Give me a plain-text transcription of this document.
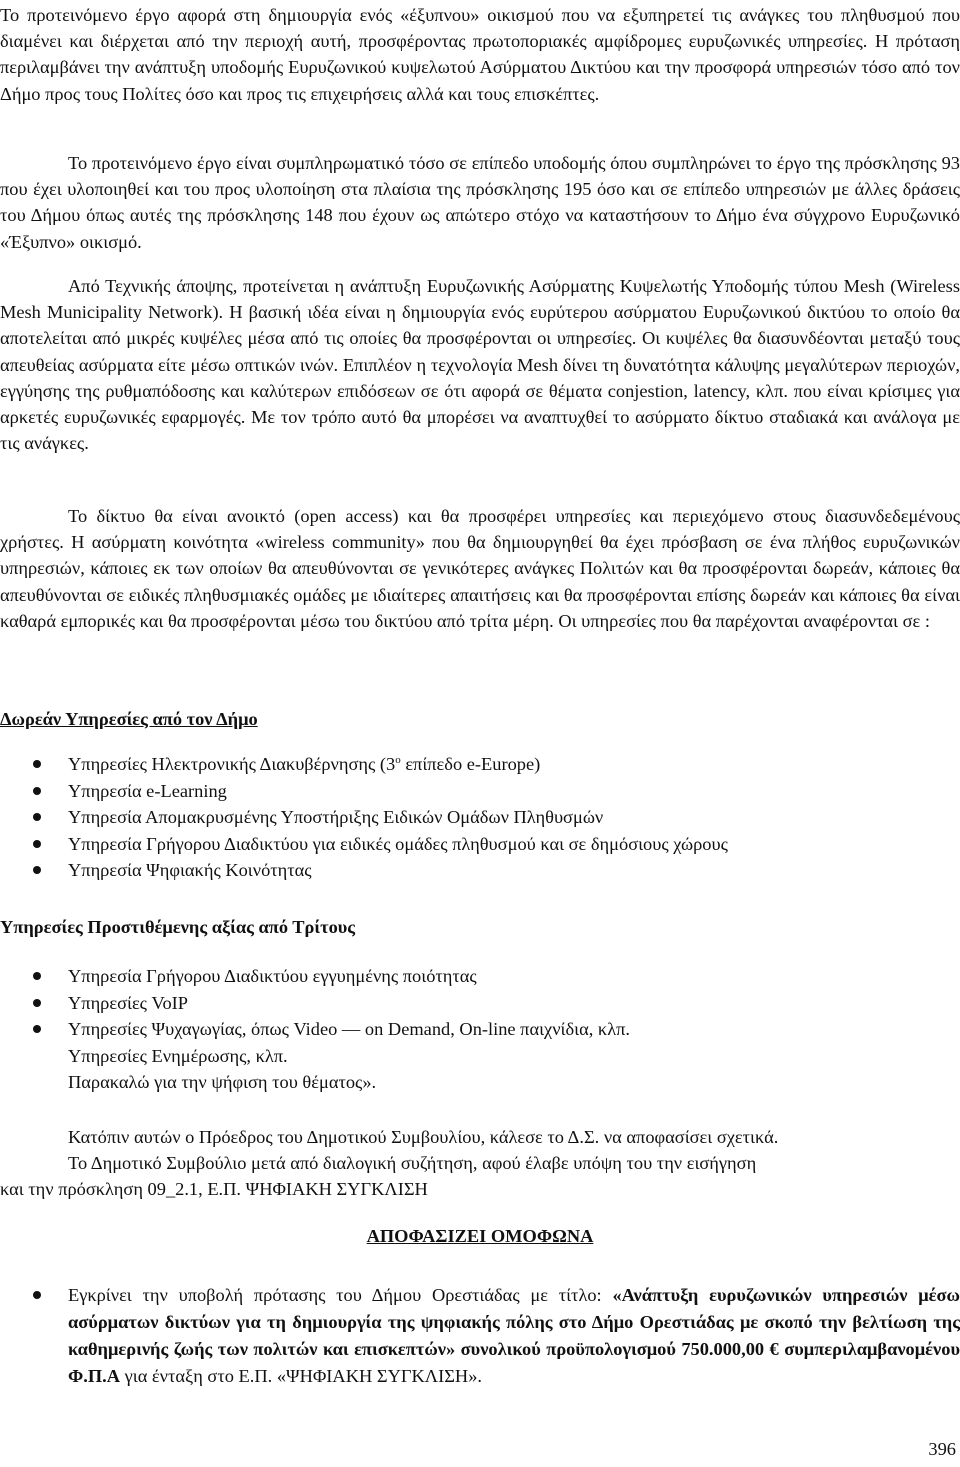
Το προτεινόμενο έργο αφορά στη δημιουργία ενός «έξυπνου» οικισμού που να εξυπηρετεί τις ανάγκες του πληθυσμού που διαμένει και διέρχεται από την περιοχή αυτή, προσφέροντας πρωτοποριακές αμφίδρομες ευρυζωνικές υπηρεσίες. Η πρόταση περιλαμβάνει την ανάπτυξη υποδομής Ευρυζωνικού κυψελωτού Ασύρματου Δικτύου και την προσφορά υπηρεσιών τόσο από τον Δήμο προς τους Πολίτες όσο και προς τις επιχειρήσεις αλλά και τους επισκέπτες.

Το προτεινόμενο έργο είναι συμπληρωματικό τόσο σε επίπεδο υποδομής όπου συμπληρώνει το έργο της πρόσκλησης 93 που έχει υλοποιηθεί και του προς υλοποίηση στα πλαίσια της πρόσκλησης 195 όσο και σε επίπεδο υπηρεσιών με άλλες δράσεις του Δήμου όπως αυτές της πρόσκλησης 148 που έχουν ως απώτερο στόχο να καταστήσουν το Δήμο ένα σύγχρονο Ευρυζωνικό «Έξυπνο» οικισμό.

Από Τεχνικής άποψης, προτείνεται η ανάπτυξη Ευρυζωνικής Ασύρματης Κυψελωτής Υποδομής τύπου Mesh (Wireless Mesh Municipality Network). Η βασική ιδέα είναι η δημιουργία ενός ευρύτερου ασύρματου Ευρυζωνικού δικτύου το οποίο θα αποτελείται από μικρές κυψέλες μέσα από τις οποίες θα προσφέρονται οι υπηρεσίες. Οι κυψέλες θα διασυνδέονται μεταξύ τους απευθείας ασύρματα είτε μέσω οπτικών ινών. Επιπλέον η τεχνολογία Mesh δίνει τη δυνατότητα κάλυψης μεγαλύτερων περιοχών, εγγύησης της ρυθμαπόδοσης και καλύτερων επιδόσεων σε ότι αφορά σε θέματα conjestion, latency, κλπ. που είναι κρίσιμες για αρκετές ευρυζωνικές εφαρμογές. Με τον τρόπο αυτό θα μπορέσει να αναπτυχθεί το ασύρματο δίκτυο σταδιακά και ανάλογα με τις ανάγκες.

Το δίκτυο θα είναι ανοικτό (open access) και θα προσφέρει υπηρεσίες και περιεχόμενο στους διασυνδεδεμένους χρήστες. Η ασύρματη κοινότητα «wireless community» που θα δημιουργηθεί θα έχει πρόσβαση σε ένα πλήθος ευρυζωνικών υπηρεσιών, κάποιες εκ των οποίων θα απευθύνονται σε γενικότερες ανάγκες Πολιτών και θα προσφέρονται δωρεάν, κάποιες θα απευθύνονται σε ειδικές πληθυσμιακές ομάδες με ιδιαίτερες απαιτήσεις και θα προσφέρονται επίσης δωρεάν και κάποιες θα είναι καθαρά εμπορικές και θα προσφέρονται μέσω του δικτύου από τρίτα μέρη. Οι υπηρεσίες που θα παρέχονται αναφέρονται σε :

Δωρεάν Υπηρεσίες από τον Δήμο

Υπηρεσίες Ηλεκτρονικής Διακυβέρνησης ($3^o$ επίπεδο e-Europe)
Υπηρεσία e-Learning
Υπηρεσία Απομακρυσμένης Υποστήριξης Ειδικών Ομάδων Πληθυσμών
Υπηρεσία Γρήγορου Διαδικτύου για ειδικές ομάδες πληθυσμού και σε δημόσιους χώρους
Υπηρεσία Ψηφιακής Κοινότητας

Υπηρεσίες Προστιθέμενης αξίας από Τρίτους

Υπηρεσία Γρήγορου Διαδικτύου εγγυημένης ποιότητας
Υπηρεσίες VoIP
Υπηρεσίες Ψυχαγωγίας, όπως Video — on Demand, On-line παιχνίδια, κλπ.
Υπηρεσίες Ενημέρωσης, κλπ.
Παρακαλώ για την ψήφιση του θέματος».

Κατόπιν αυτών ο Πρόεδρος του Δημοτικού Συμβουλίου, κάλεσε το Δ.Σ. να αποφασίσει σχετικά.

Το Δημοτικό Συμβούλιο μετά από διαλογική συζήτηση, αφού έλαβε υπόψη του την εισήγηση

και την πρόσκληση 09_2.1, Ε.Π. ΨΗΦΙΑΚΗ ΣΥΓΚΛΙΣΗ

ΑΠΟΦΑΣΙΖΕΙ ΟΜΟΦΩΝΑ

Εγκρίνει την υποβολή πρότασης του Δήμου Ορεστιάδας με τίτλο: «Ανάπτυξη ευρυζωνικών υπηρεσιών μέσω ασύρματων δικτύων για τη δημιουργία της ψηφιακής πόλης στο Δήμο Ορεστιάδας με σκοπό την βελτίωση της καθημερινής ζωής των πολιτών και επισκεπτών» συνολικού προϋπολογισμού 750.000,00 € συμπεριλαμβανομένου Φ.Π.Α για ένταξη στο Ε.Π. «ΨΗΦΙΑΚΗ ΣΥΓΚΛΙΣΗ».

396
